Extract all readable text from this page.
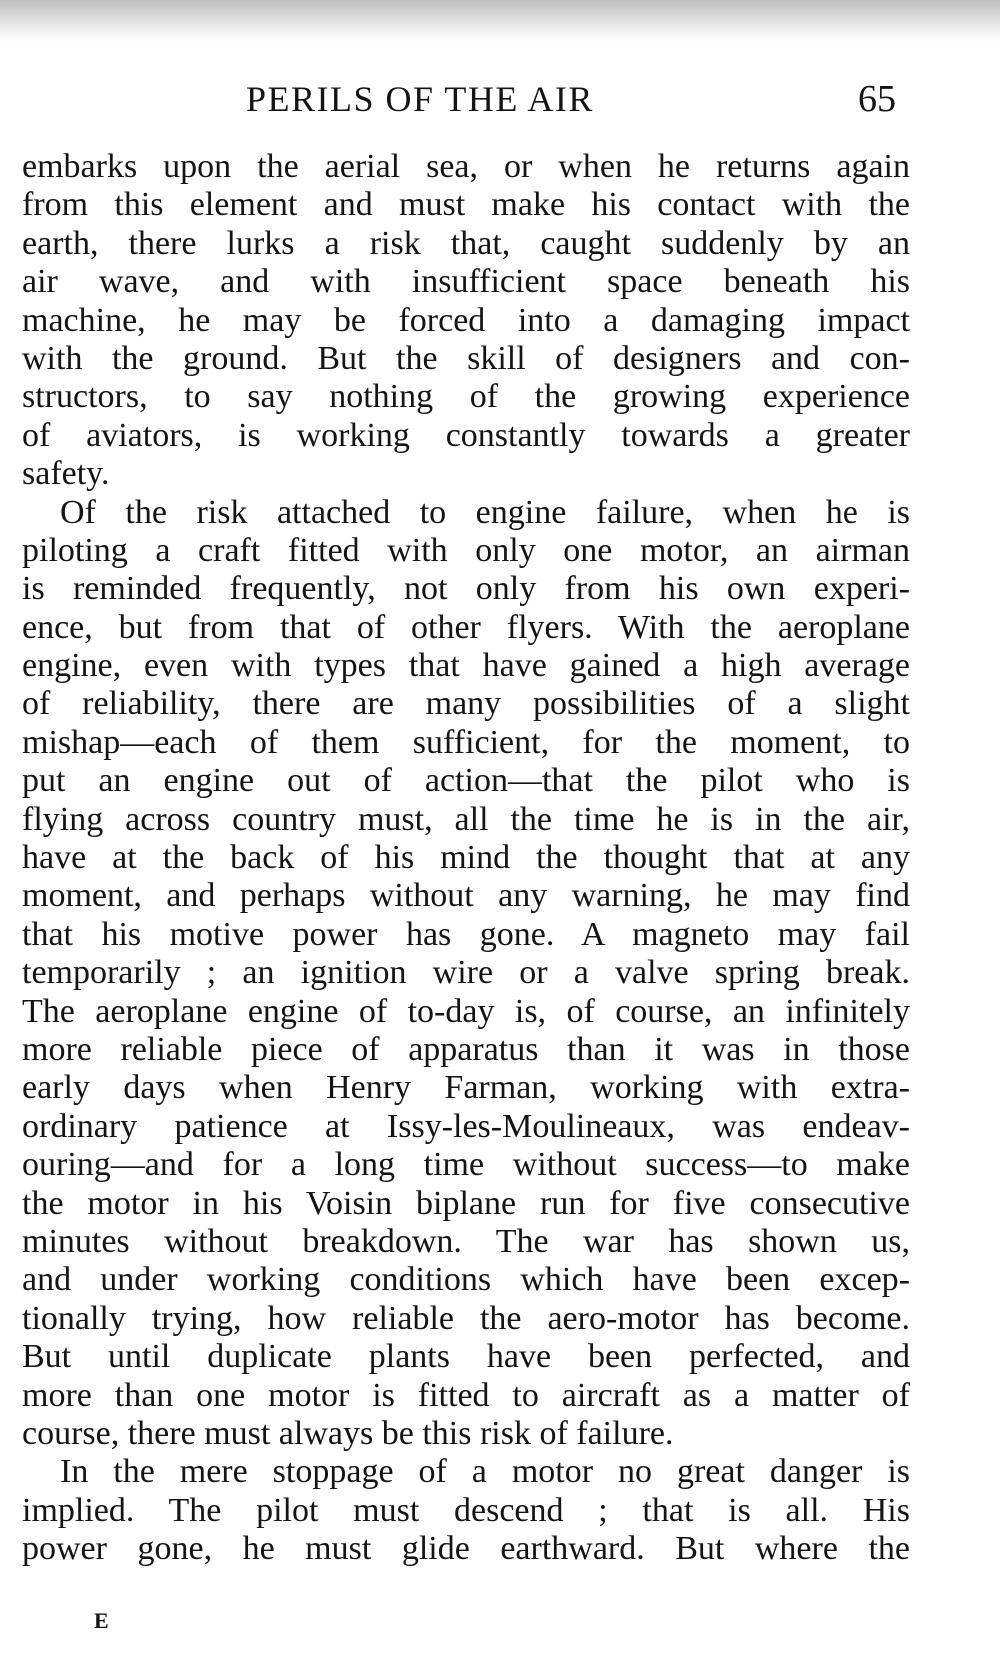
PERILS OF THE AIR	65
embarks upon the aerial sea, or when he returns again
from this element and must make his contact with the
earth, there lurks a risk that, caught suddenly by an
air wave, and with insufficient space beneath his
machine, he may be forced into a damaging impact
with the ground. But the skill of designers and con-
structors, to say nothing of the growing experience
of aviators, is working constantly towards a greater
safety.
Of the risk attached to engine failure, when he is
piloting a craft fitted with only one motor, an airman
is reminded frequently, not only from his own experi-
ence, but from that of other flyers. With the aeroplane
engine, even with types that have gained a high average
of reliability, there are many possibilities of a slight
mishap—each of them sufficient, for the moment, to
put an engine out of action—that the pilot who is
flying across country must, all the time he is in the air,
have at the back of his mind the thought that at any
moment, and perhaps without any warning, he may find
that his motive power has gone. A magneto may fail
temporarily ; an ignition wire or a valve spring break.
The aeroplane engine of to-day is, of course, an infinitely
more reliable piece of apparatus than it was in those
early days when Henry Farman, working with extra-
ordinary patience at Issy-les-Moulineaux, was endeav-
ouring—and for a long time without success—to make
the motor in his Voisin biplane run for five consecutive
minutes without breakdown. The war has shown us,
and under working conditions which have been excep-
tionally trying, how reliable the aero-motor has become.
But until duplicate plants have been perfected, and
more than one motor is fitted to aircraft as a matter of
course, there must always be this risk of failure.
In the mere stoppage of a motor no great danger is
implied. The pilot must descend ; that is all. His
power gone, he must glide earthward. But where the
E
